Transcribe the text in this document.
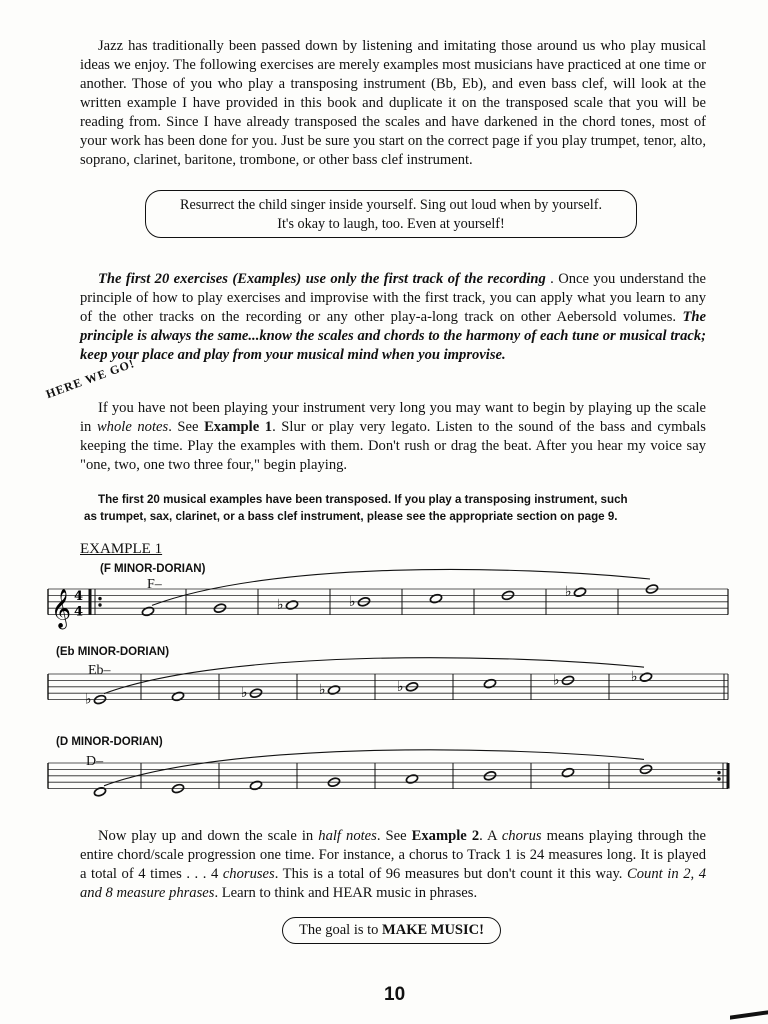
Jazz has traditionally been passed down by listening and imitating those around us who play musical ideas we enjoy. The following exercises are merely examples most musicians have practiced at one time or another. Those of you who play a transposing instrument (Bb, Eb), and even bass clef, will look at the written example I have provided in this book and duplicate it on the transposed scale that you will be reading from. Since I have already transposed the scales and have darkened in the chord tones, most of your work has been done for you. Just be sure you start on the correct page if you play trumpet, tenor, alto, soprano, clarinet, baritone, trombone, or other bass clef instrument.

Resurrect the child singer inside yourself. Sing out loud when by yourself.
It's okay to laugh, too. Even at yourself!

The first 20 exercises (Examples) use only the first track of the recording . Once you understand the principle of how to play exercises and improvise with the first track, you can apply what you learn to any of the other tracks on the recording or any other play-a-long track on other Aebersold volumes. The principle is always the same...know the scales and chords to the harmony of each tune or musical track; keep your place and play from your musical mind when you improvise.

HERE WE GO!

If you have not been playing your instrument very long you may want to begin by playing up the scale in whole notes. See Example 1. Slur or play very legato. Listen to the sound of the bass and cymbals keeping the time. Play the examples with them. Don't rush or drag the beat. After you hear my voice say "one, two, one two three four," begin playing.

The first 20 musical examples have been transposed. If you play a transposing instrument, such
as trumpet, sax, clarinet, or a bass clef instrument, please see the appropriate section on page 9.
EXAMPLE 1
(F MINOR-DORIAN)
F–
𝄞 4
4	♭	♭
♭
♭	♭	♭	♭	♭	♭
(Eb MINOR-DORIAN)
Eb–
(D MINOR-DORIAN)
D–

Now play up and down the scale in half notes. See Example 2. A chorus means playing through the entire chord/scale progression one time. For instance, a chorus to Track 1 is 24 measures long. It is played a total of 4 times . . . 4 choruses. This is a total of 96 measures but don't count it this way. Count in 2, 4 and 8 measure phrases. Learn to think and HEAR music in phrases.

The goal is to MAKE MUSIC!
10
